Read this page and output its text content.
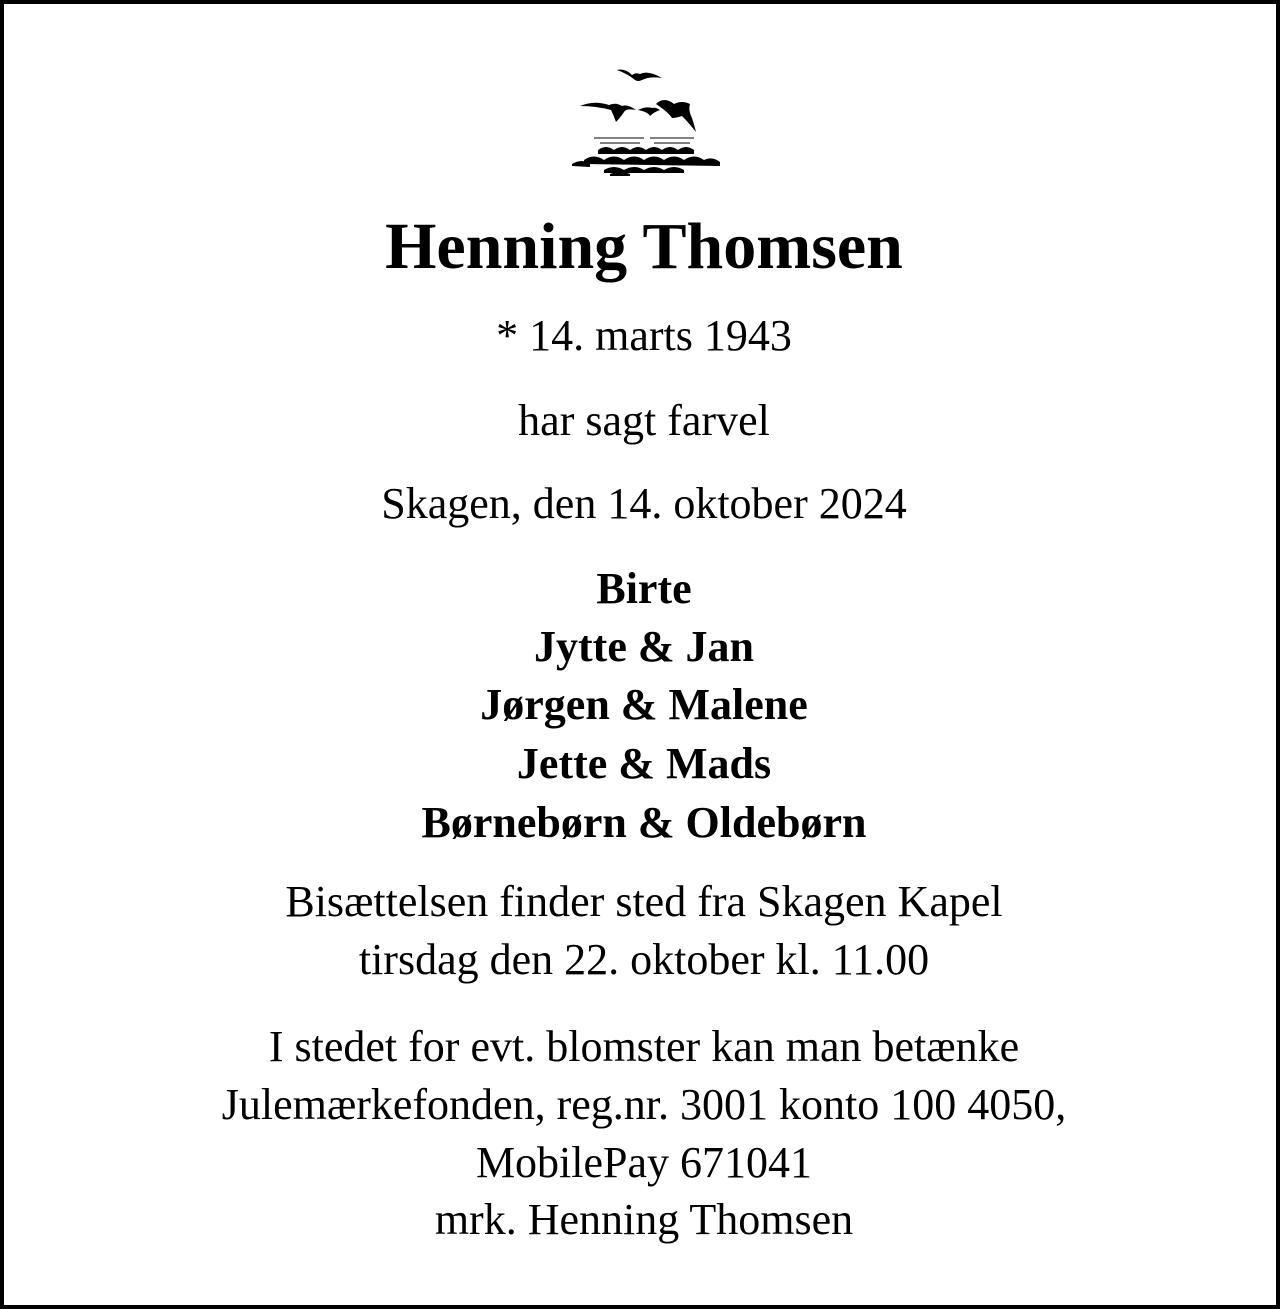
Henning Thomsen
* 14. marts 1943
har sagt farvel
Skagen, den 14. oktober 2024
Birte
Jytte & Jan
Jørgen & Malene
Jette & Mads
Børnebørn & Oldebørn
Bisættelsen finder sted fra Skagen Kapel
tirsdag den 22. oktober kl. 11.00
I stedet for evt. blomster kan man betænke
Julemærkefonden, reg.nr. 3001 konto 100 4050,
MobilePay 671041
mrk. Henning Thomsen
